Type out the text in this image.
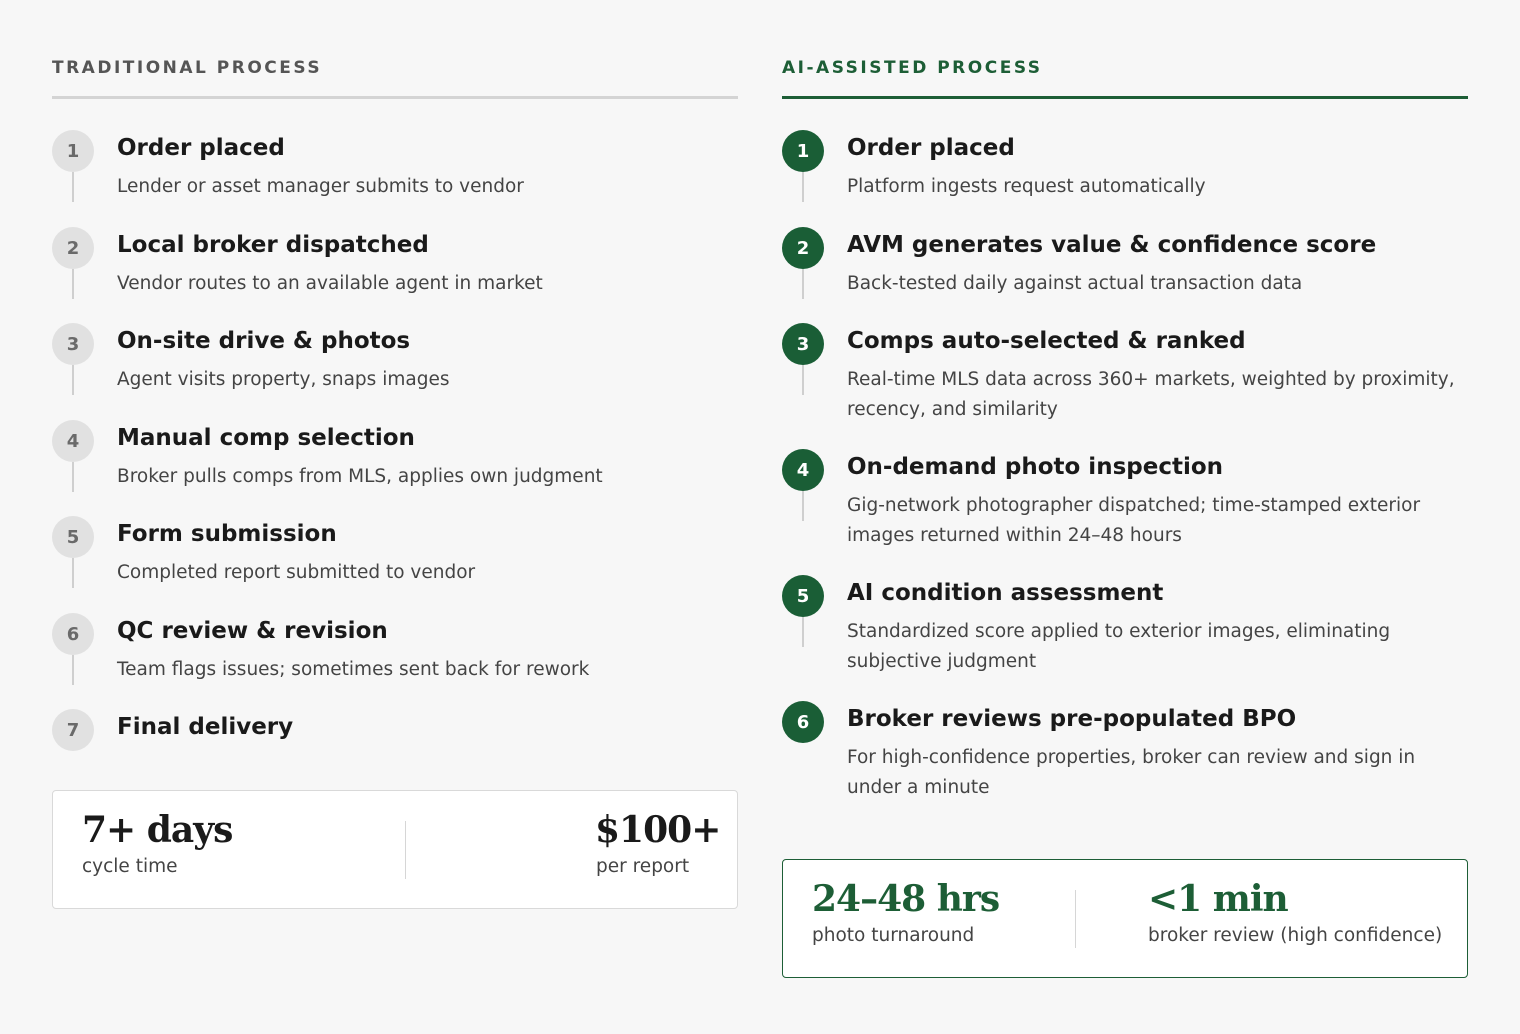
TRADITIONAL PROCESS
1	Order placed
Lender or asset manager submits to vendor
2	Local broker dispatched
Vendor routes to an available agent in market
3	On-site drive & photos
Agent visits property, snaps images
4	Manual comp selection
Broker pulls comps from MLS, applies own judgment
5	Form submission
Completed report submitted to vendor
6	QC review & revision
Team flags issues; sometimes sent back for rework
7	Final delivery
7+ days
cycle time
$100+
per report
AI-ASSISTED PROCESS
1	Order placed
Platform ingests request automatically
2	AVM generates value & confidence score
Back-tested daily against actual transaction data
3	Comps auto-selected & ranked
Real-time MLS data across 360+ markets, weighted by proximity, recency, and similarity
4	On-demand photo inspection
Gig-network photographer dispatched; time-stamped exterior images returned within 24–48 hours
5	AI condition assessment
Standardized score applied to exterior images, eliminating subjective judgment
6	Broker reviews pre-populated BPO
For high-confidence properties, broker can review and sign in under a minute
24–48 hrs
photo turnaround
<1 min
broker review (high confidence)
